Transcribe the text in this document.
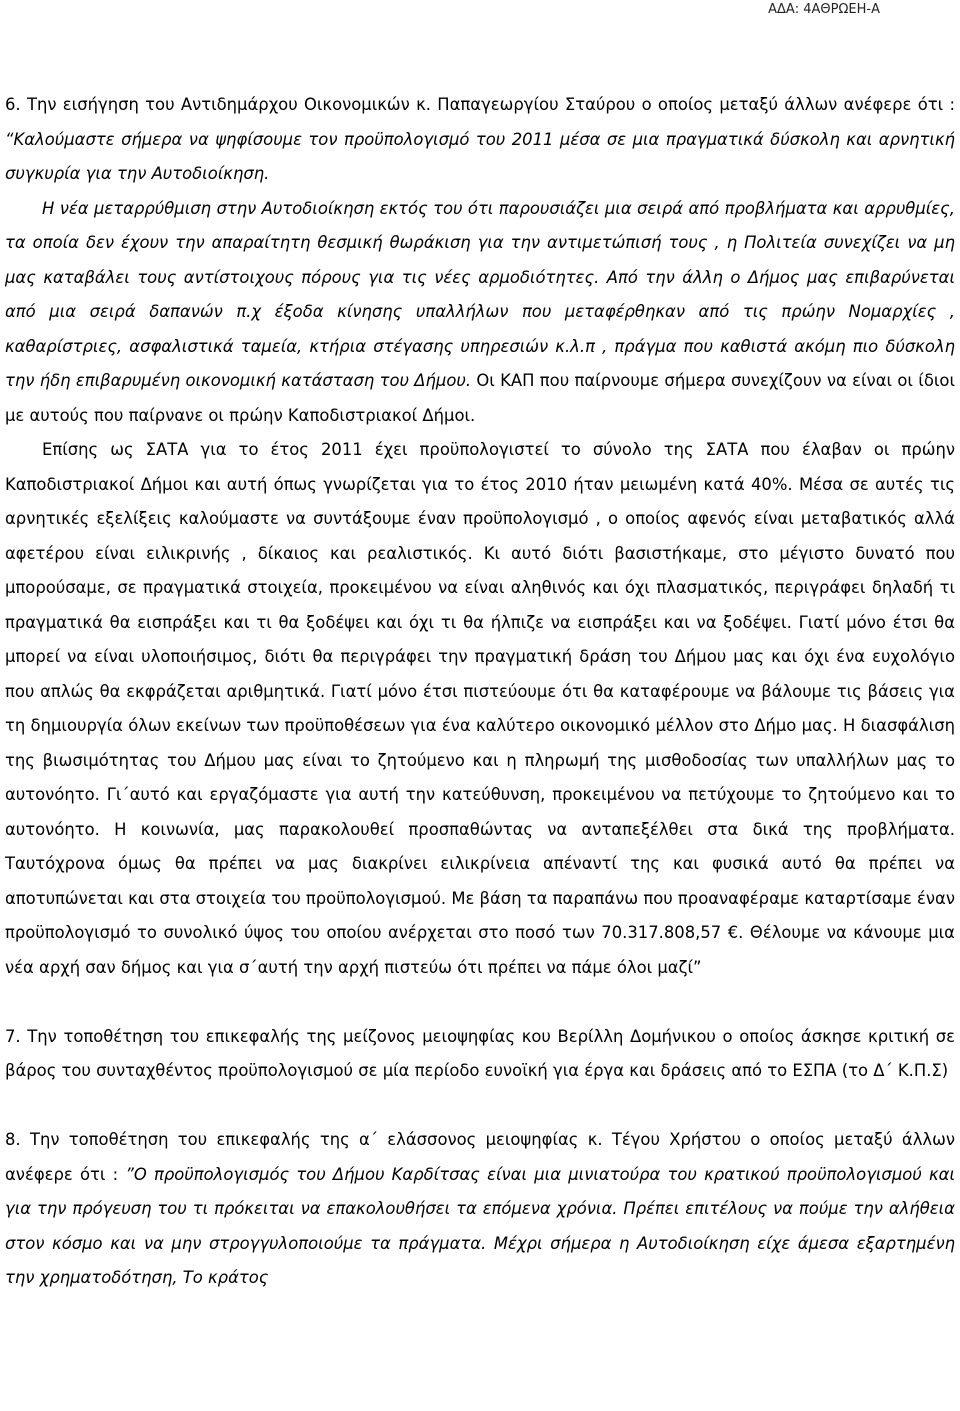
ΑΔΑ: 4ΑΘΡΩΕΗ-Α

6. Την εισήγηση του Αντιδημάρχου Οικονομικών κ. Παπαγεωργίου Σταύρου ο οποίος μεταξύ άλλων ανέφερε ότι : “Καλούμαστε σήμερα να ψηφίσουμε τον προϋπολογισμό του 2011 μέσα σε μια πραγματικά δύσκολη και αρνητική συγκυρία για την Αυτοδιοίκηση.

Η νέα μεταρρύθμιση στην Αυτοδιοίκηση εκτός του ότι παρουσιάζει μια σειρά από προβλήματα και αρρυθμίες, τα οποία δεν έχουν την απαραίτητη θεσμική θωράκιση για την αντιμετώπισή τους , η Πολιτεία συνεχίζει να μη μας καταβάλει τους αντίστοιχους πόρους για τις νέες αρμοδιότητες. Από την άλλη ο Δήμος μας επιβαρύνεται από μια σειρά δαπανών π.χ έξοδα κίνησης υπαλλήλων που μεταφέρθηκαν από τις πρώην Νομαρχίες , καθαρίστριες, ασφαλιστικά ταμεία, κτήρια στέγασης υπηρεσιών κ.λ.π , πράγμα που καθιστά ακόμη πιο δύσκολη την ήδη επιβαρυμένη οικονομική κατάσταση του Δήμου. Οι ΚΑΠ που παίρνουμε σήμερα συνεχίζουν να είναι οι ίδιοι με αυτούς που παίρνανε οι πρώην Καποδιστριακοί Δήμοι.

Επίσης ως ΣΑΤΑ για το έτος 2011 έχει προϋπολογιστεί το σύνολο της ΣΑΤΑ που έλαβαν οι πρώην Καποδιστριακοί Δήμοι και αυτή όπως γνωρίζεται για το έτος 2010 ήταν μειωμένη κατά 40%. Μέσα σε αυτές τις αρνητικές εξελίξεις καλούμαστε να συντάξουμε έναν προϋπολογισμό , ο οποίος αφενός είναι μεταβατικός αλλά αφετέρου είναι ειλικρινής , δίκαιος και ρεαλιστικός. Κι αυτό διότι βασιστήκαμε, στο μέγιστο δυνατό που μπορούσαμε, σε πραγματικά στοιχεία, προκειμένου να είναι αληθινός και όχι πλασματικός, περιγράφει δηλαδή τι πραγματικά θα εισπράξει και τι θα ξοδέψει και όχι τι θα ήλπιζε να εισπράξει και να ξοδέψει. Γιατί μόνο έτσι θα μπορεί να είναι υλοποιήσιμος, διότι θα περιγράφει την πραγματική δράση του Δήμου μας και όχι ένα ευχολόγιο που απλώς θα εκφράζεται αριθμητικά. Γιατί μόνο έτσι πιστεύουμε ότι θα καταφέρουμε να βάλουμε τις βάσεις για τη δημιουργία όλων εκείνων των προϋποθέσεων για ένα καλύτερο οικονομικό μέλλον στο Δήμο μας. Η διασφάλιση της βιωσιμότητας του Δήμου μας είναι το ζητούμενο και η πληρωμή της μισθοδοσίας των υπαλλήλων μας το αυτονόητο. Γι΄αυτό και εργαζόμαστε για αυτή την κατεύθυνση, προκειμένου να πετύχουμε το ζητούμενο και το αυτονόητο. Η κοινωνία, μας παρακολουθεί προσπαθώντας να ανταπεξέλθει στα δικά της προβλήματα. Ταυτόχρονα όμως θα πρέπει να μας διακρίνει ειλικρίνεια απέναντί της και φυσικά αυτό θα πρέπει να αποτυπώνεται και στα στοιχεία του προϋπολογισμού. Με βάση τα παραπάνω που προαναφέραμε καταρτίσαμε έναν προϋπολογισμό το συνολικό ύψος του οποίου ανέρχεται στο ποσό των 70.317.808,57 €. Θέλουμε να κάνουμε μια νέα αρχή σαν δήμος και για σ΄αυτή την αρχή πιστεύω ότι πρέπει να πάμε όλοι μαζί”

7. Την τοποθέτηση του επικεφαλής της μείζονος μειοψηφίας κου Βερίλλη Δομήνικου ο οποίος άσκησε κριτική σε βάρος του συνταχθέντος προϋπολογισμού σε μία περίοδο ευνοϊκή για έργα και δράσεις από το ΕΣΠΑ (το Δ΄ Κ.Π.Σ)

8. Την τοποθέτηση του επικεφαλής της α΄ ελάσσονος μειοψηφίας κ. Τέγου Χρήστου ο οποίος μεταξύ άλλων ανέφερε ότι : ”Ο προϋπολογισμός του Δήμου Καρδίτσας είναι μια μινιατούρα του κρατικού προϋπολογισμού και για την πρόγευση του τι πρόκειται να επακολουθήσει τα επόμενα χρόνια. Πρέπει επιτέλους να πούμε την αλήθεια στον κόσμο και να μην στρογγυλοποιούμε τα πράγματα. Μέχρι σήμερα η Αυτοδιοίκηση είχε άμεσα εξαρτημένη την χρηματοδότηση, Το κράτος
